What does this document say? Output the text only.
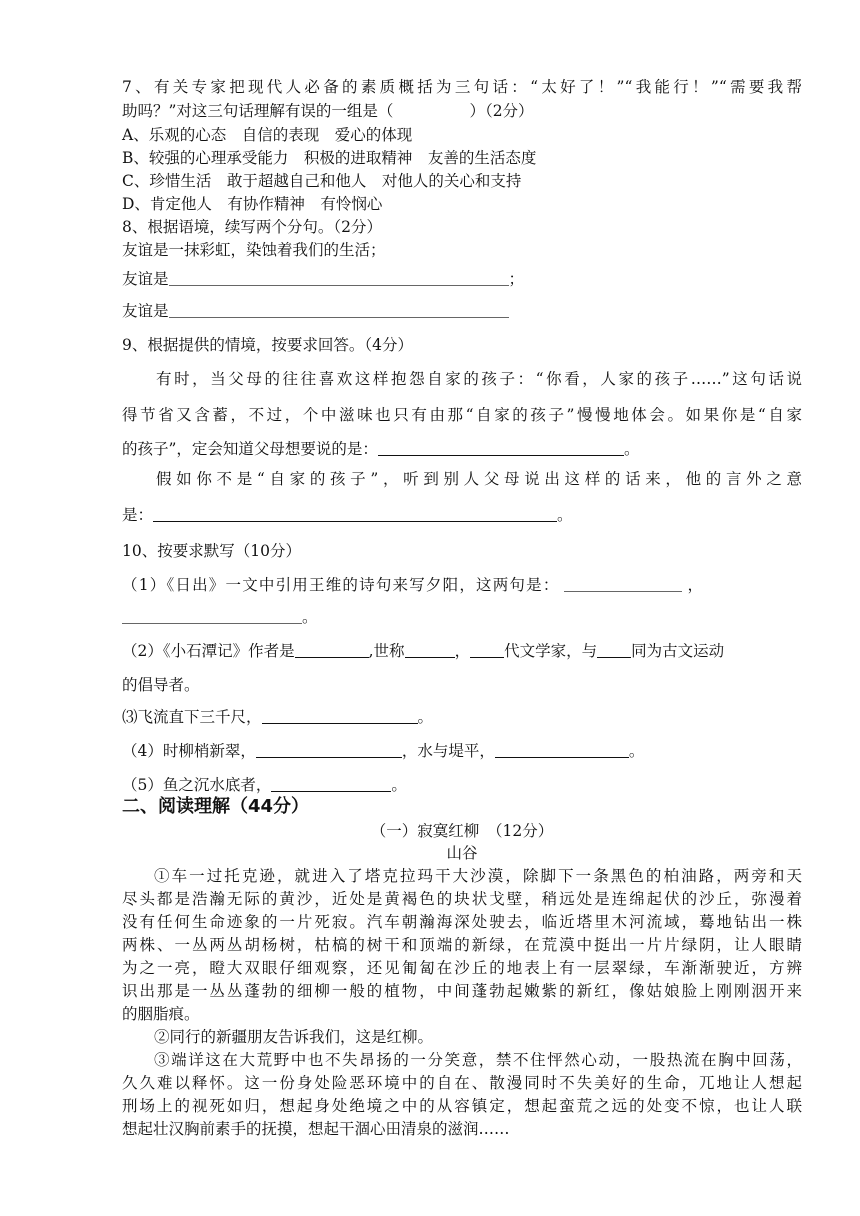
7、有关专家把现代人必备的素质概括为三句话：“太好了！”“我能行！”“需要我帮
助吗？”对这三句话理解有误的一组是（	）（2分）
A、乐观的心态　自信的表现　爱心的体现
B、较强的心理承受能力　积极的进取精神　友善的生活态度
C、珍惜生活　敢于超越自己和他人　对他人的关心和支持
D、肯定他人　有协作精神　有怜悯心
8、根据语境，续写两个分句。（2分）
友谊是一抹彩虹，染蚀着我们的生活；
友谊是	；
友谊是
9、根据提供的情境，按要求回答。（4分）
有时，当父母的往往喜欢这样抱怨自家的孩子：“你看，人家的孩子……”这句话说
得节省又含蓄，不过，个中滋味也只有由那“自家的孩子”慢慢地体会。如果你是“自家
的孩子”，定会知道父母想要说的是：	。
假如你不是“自家的孩子”，听到别人父母说出这样的话来，他的言外之意
是：	。
10、按要求默写（10分）
（1）《日出》一文中引用王维的诗句来写夕阳，这两句是：	，
。
（2）《小石潭记》作者是	,世称	， 代文学家，与 同为古文运动
的倡导者。
⑶飞流直下三千尺，	。
（4）时柳梢新翠，	，水与堤平，	。
（5）鱼之沉水底者，	。
二、阅读理解（44分）
（一）寂寞红柳　（12分）
山谷
①车一过托克逊，就进入了塔克拉玛干大沙漠，除脚下一条黑色的柏油路，两旁和天
尽头都是浩瀚无际的黄沙，近处是黄褐色的块状戈壁，稍远处是连绵起伏的沙丘，弥漫着
没有任何生命迹象的一片死寂。汽车朝瀚海深处驶去，临近塔里木河流域，蓦地钻出一株
两株、一丛两丛胡杨树，枯槁的树干和顶端的新绿，在荒漠中挺出一片片绿阴，让人眼睛
为之一亮，瞪大双眼仔细观察，还见匍匐在沙丘的地表上有一层翠绿，车渐渐驶近，方辨
识出那是一丛丛蓬勃的细柳一般的植物，中间蓬勃起嫩紫的新红，像姑娘脸上刚刚洇开来
的胭脂痕。
②同行的新疆朋友告诉我们，这是红柳。
③端详这在大荒野中也不失昂扬的一分笑意，禁不住怦然心动，一股热流在胸中回荡，
久久难以释怀。这一份身处险恶环境中的自在、散漫同时不失美好的生命，兀地让人想起
刑场上的视死如归，想起身处绝境之中的从容镇定，想起蛮荒之远的处变不惊，也让人联
想起壮汉胸前素手的抚摸，想起干涸心田清泉的滋润……
